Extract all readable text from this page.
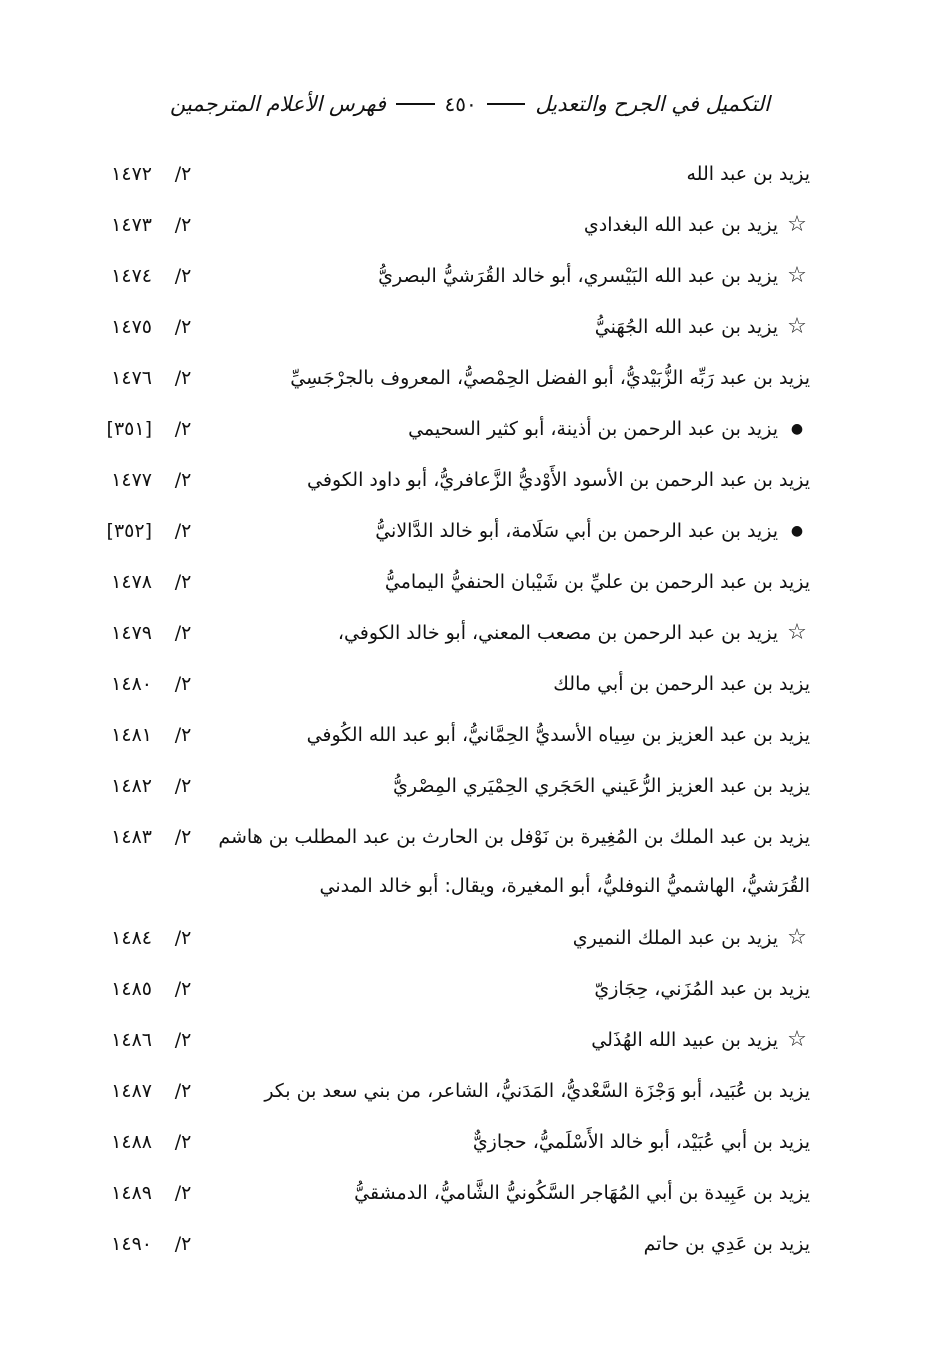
التكميل في الجرح والتعديل
٤٥٠
فهرس الأعلام المترجمين
يزيد بن عبد الله
٢/
١٤٧٢
☆يزيد بن عبد الله البغدادي
٢/
١٤٧٣
☆يزيد بن عبد الله البَيْسري، أبو خالد القُرَشيُّ البصريُّ
٢/
١٤٧٤
☆يزيد بن عبد الله الجُهَنيُّ
٢/
١٤٧٥
يزيد بن عبد رَبِّه الزُّبَيْديُّ، أبو الفضل الحِمْصيُّ، المعروف بالجرْجَسِيِّ
٢/
١٤٧٦
●يزيد بن عبد الرحمن بن أذينة، أبو كثير السحيمي
٢/
[٣٥١]
يزيد بن عبد الرحمن بن الأسود الأَوْديُّ الزَّعافريُّ، أبو داود الكوفي
٢/
١٤٧٧
●يزيد بن عبد الرحمن بن أبي سَلَامة، أبو خالد الدَّالانيُّ
٢/
[٣٥٢]
يزيد بن عبد الرحمن بن عليِّ بن شَيْبان الحنفيُّ اليماميُّ
٢/
١٤٧٨
☆يزيد بن عبد الرحمن بن مصعب المعني، أبو خالد الكوفي،
٢/
١٤٧٩
يزيد بن عبد الرحمن بن أبي مالك
٢/
١٤٨٠
يزيد بن عبد العزيز بن سِياه الأسديُّ الحِمَّانيُّ، أبو عبد الله الكُوفي
٢/
١٤٨١
يزيد بن عبد العزيز الرُّعَيني الحَجَري الحِمْيَري المِصْريُّ
٢/
١٤٨٢
يزيد بن عبد الملك بن المُغِيرة بن نَوْفل بن الحارث بن عبد المطلب بن هاشم
٢/
١٤٨٣
☆يزيد بن عبد الملك النميري
٢/
١٤٨٤
يزيد بن عبد المُزَني، حِجَازيّ
٢/
١٤٨٥
☆يزيد بن عبيد الله الهُذَلي
٢/
١٤٨٦
يزيد بن عُبَيد، أبو وَجْزَة السَّعْديُّ، المَدَنيُّ، الشاعر، من بني سعد بن بكر
٢/
١٤٨٧
يزيد بن أبي عُبَيْد، أبو خالد الأَسْلَميُّ، حجازيٌّ
٢/
١٤٨٨
يزيد بن عَبِيدة بن أبي المُهَاجر السَّكُونيُّ الشَّاميُّ، الدمشقيُّ
٢/
١٤٨٩
يزيد بن عَدِي بن حاتم
٢/
١٤٩٠
القُرَشيُّ، الهاشميُّ النوفليُّ، أبو المغيرة، ويقال: أبو خالد المدني
